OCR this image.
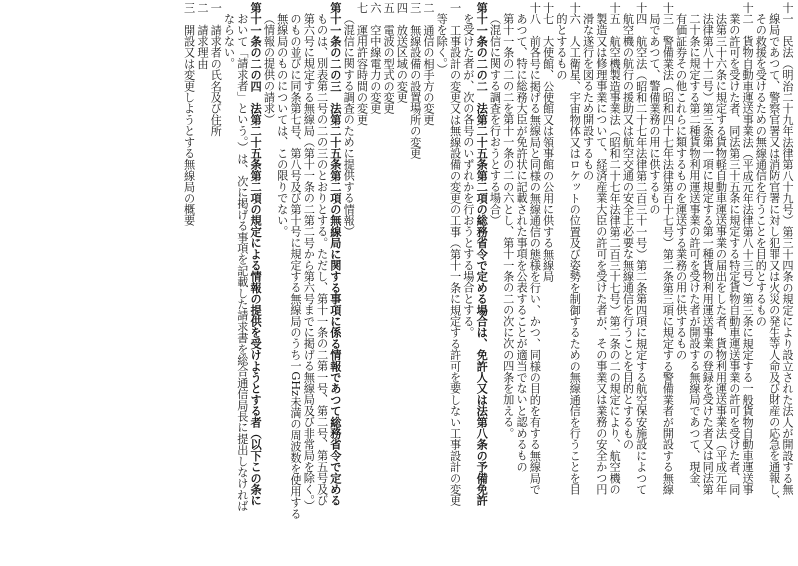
十一　民法（明治二十九年法律第八十九号）第三十四条の規定により設立された法人が開設する無
線局であつて、警察官署又は消防官署に対し犯罪又は火災の発生等人命及び財産の応急を通報し、
その救援を受けるための無線通信を行うことを目的とするもの
十二　貨物自動車運送事業法（平成元年法律第八十三号）第三条に規定する一般貨物自動車運送事
業の許可を受けた者、同法第三十五条に規定する特定貨物自動車運送事業の許可を受けた者、同
法第三十六条に規定する貨物軽自動車運送事業の届出をした者、貨物利用運送事業法（平成元年
法律第八十二号）第三条第一項に規定する第一種貨物利用運送事業の登録を受けた者又は同法第
二十条に規定する第二種貨物利用運送事業の許可を受けた者が開設する無線局であつて、現金、
有価証券その他これらに類するものを運送する業務の用に供するもの
十三　警備業法（昭和四十七年法律第百十七号）第二条第三項に規定する警備業者が開設する無線
局であつて、警備業務の用に供するもの
十四　航空法（昭和二十七年法律第二百三十一号）第二条第四項に規定する航空保安施設によつて
航空機の航行の援助又は航空交通の安全上必要な無線通信を行うことを目的とするもの
十五　航空機製造事業法（昭和二十七年法律第二百三十七号）第二条の二の規定により、航空機の
製造又は修理事業について、経済産業大臣の許可を受けた者が、その事業又は業務の安全かつ円
滑な遂行を図るため開設するもの
十六　人工衛星、宇宙物体又はロケットの位置及び姿勢を制御するための無線通信を行うことを目
的とするもの
十七　大使館、公使館又は領事館の公用に供する無線局
十八　前各号に掲げる無線局と同様の無線通信の態様を行い、かつ、同様の目的を有する無線局で
あつて、特に総務大臣が免許状に記載された事項を公表することが適当でないと認めるもの
第十一条の二の二を第十一条の二の六とし、第十一条の二の次に次の四条を加える。
（混信に関する調査を行おうとする場合）
第十一条の二の二　法第二十五条第二項の総務省令で定める場合は、免許人又は法第八条の予備免許
を受けた者が、次の各号のいずれかを行おうとする場合とする。
一　工事設計の変更又は無線設備の変更の工事（第十一条に規定する許可を要しない工事設計の変更
等を除く。）
二　通信の相手方の変更
三　無線設備の設置場所の変更
四　放送区域の変更
五　電波の型式の変更
六　空中線電力の変更
七　運用許容時間の変更
（混信に関する調査のために提供する情報）
第十一条の二の三　法第二十五条第二項の無線局に関する事項に係る情報であつて総務省令で定める
ものは、別表第二号の二の三のとおりとする。ただし、第十一条の二第一号、第二号、第五号及び
第六号に規定する無線局（第十一条の二第二号から第六号までに掲げる無線局及び非常局を除く。）
のもの並びに同条第七号、第八号及び第十号に規定する無線局のうち一GHz未満の周波数を使用する
無線局のものについては、この限りでない。
（情報の提供の請求）
第十一条の二の四　法第二十五条第二項の規定による情報の提供を受けようとする者（以下この条に
おいて「請求者」という。）は、次に掲げる事項を記載した請求書を総合通信局長に提出しなければ
ならない。
一　請求者の氏名及び住所
二　請求理由
三　開設又は変更しようとする無線局の概要
